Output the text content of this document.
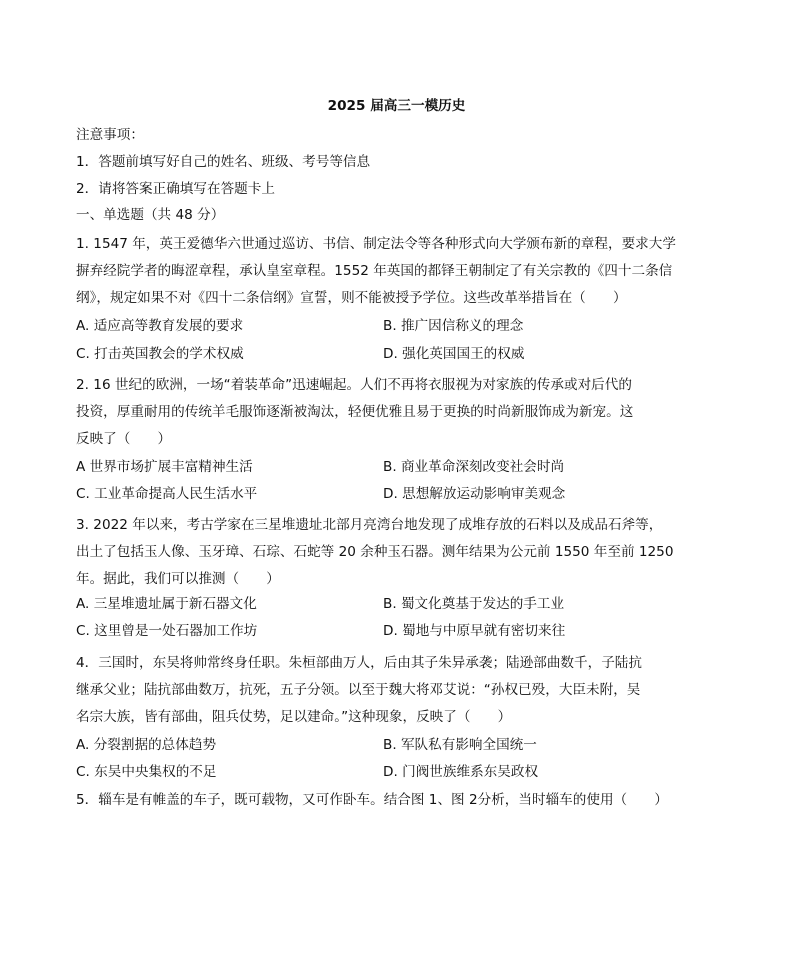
2025 届高三一模历史
注意事项：
1．答题前填写好自己的姓名、班级、考号等信息
2．请将答案正确填写在答题卡上
一、单选题（共 48 分）
1. 1547 年，英王爱德华六世通过巡访、书信、制定法令等各种形式向大学颁布新的章程，要求大学
摒弃经院学者的晦涩章程，承认皇室章程。1552 年英国的都铎王朝制定了有关宗教的《四十二条信
纲》，规定如果不对《四十二条信纲》宣誓，则不能被授予学位。这些改革举措旨在（　　）
A. 适应高等教育发展的要求	B. 推广因信称义的理念
C. 打击英国教会的学术权威	D. 强化英国国王的权威
2. 16 世纪的欧洲，一场“着装革命”迅速崛起。人们不再将衣服视为对家族的传承或对后代的
投资，厚重耐用的传统羊毛服饰逐渐被淘汰，轻便优雅且易于更换的时尚新服饰成为新宠。这
反映了（　　）
A 世界市场扩展丰富精神生活	B. 商业革命深刻改变社会时尚
C. 工业革命提高人民生活水平	D. 思想解放运动影响审美观念
3. 2022 年以来，考古学家在三星堆遗址北部月亮湾台地发现了成堆存放的石料以及成品石斧等，
出土了包括玉人像、玉牙璋、石琮、石蛇等 20 余种玉石器。测年结果为公元前 1550 年至前 1250
年。据此，我们可以推测（　　）
A. 三星堆遗址属于新石器文化	B. 蜀文化奠基于发达的手工业
C. 这里曾是一处石器加工作坊	D. 蜀地与中原早就有密切来往
4．三国时，东吴将帅常终身任职。朱桓部曲万人，后由其子朱异承袭；陆逊部曲数千，子陆抗
继承父业；陆抗部曲数万，抗死，五子分领。以至于魏大将邓艾说：“孙权已殁，大臣未附，吴
名宗大族，皆有部曲，阻兵仗势，足以建命。”这种现象，反映了（　　）
A. 分裂割据的总体趋势	B. 军队私有影响全国统一
C. 东吴中央集权的不足	D. 门阀世族维系东吴政权
5．辎车是有帷盖的车子，既可载物，又可作卧车。结合图 1、图 2分析，当时辎车的使用（　　）
